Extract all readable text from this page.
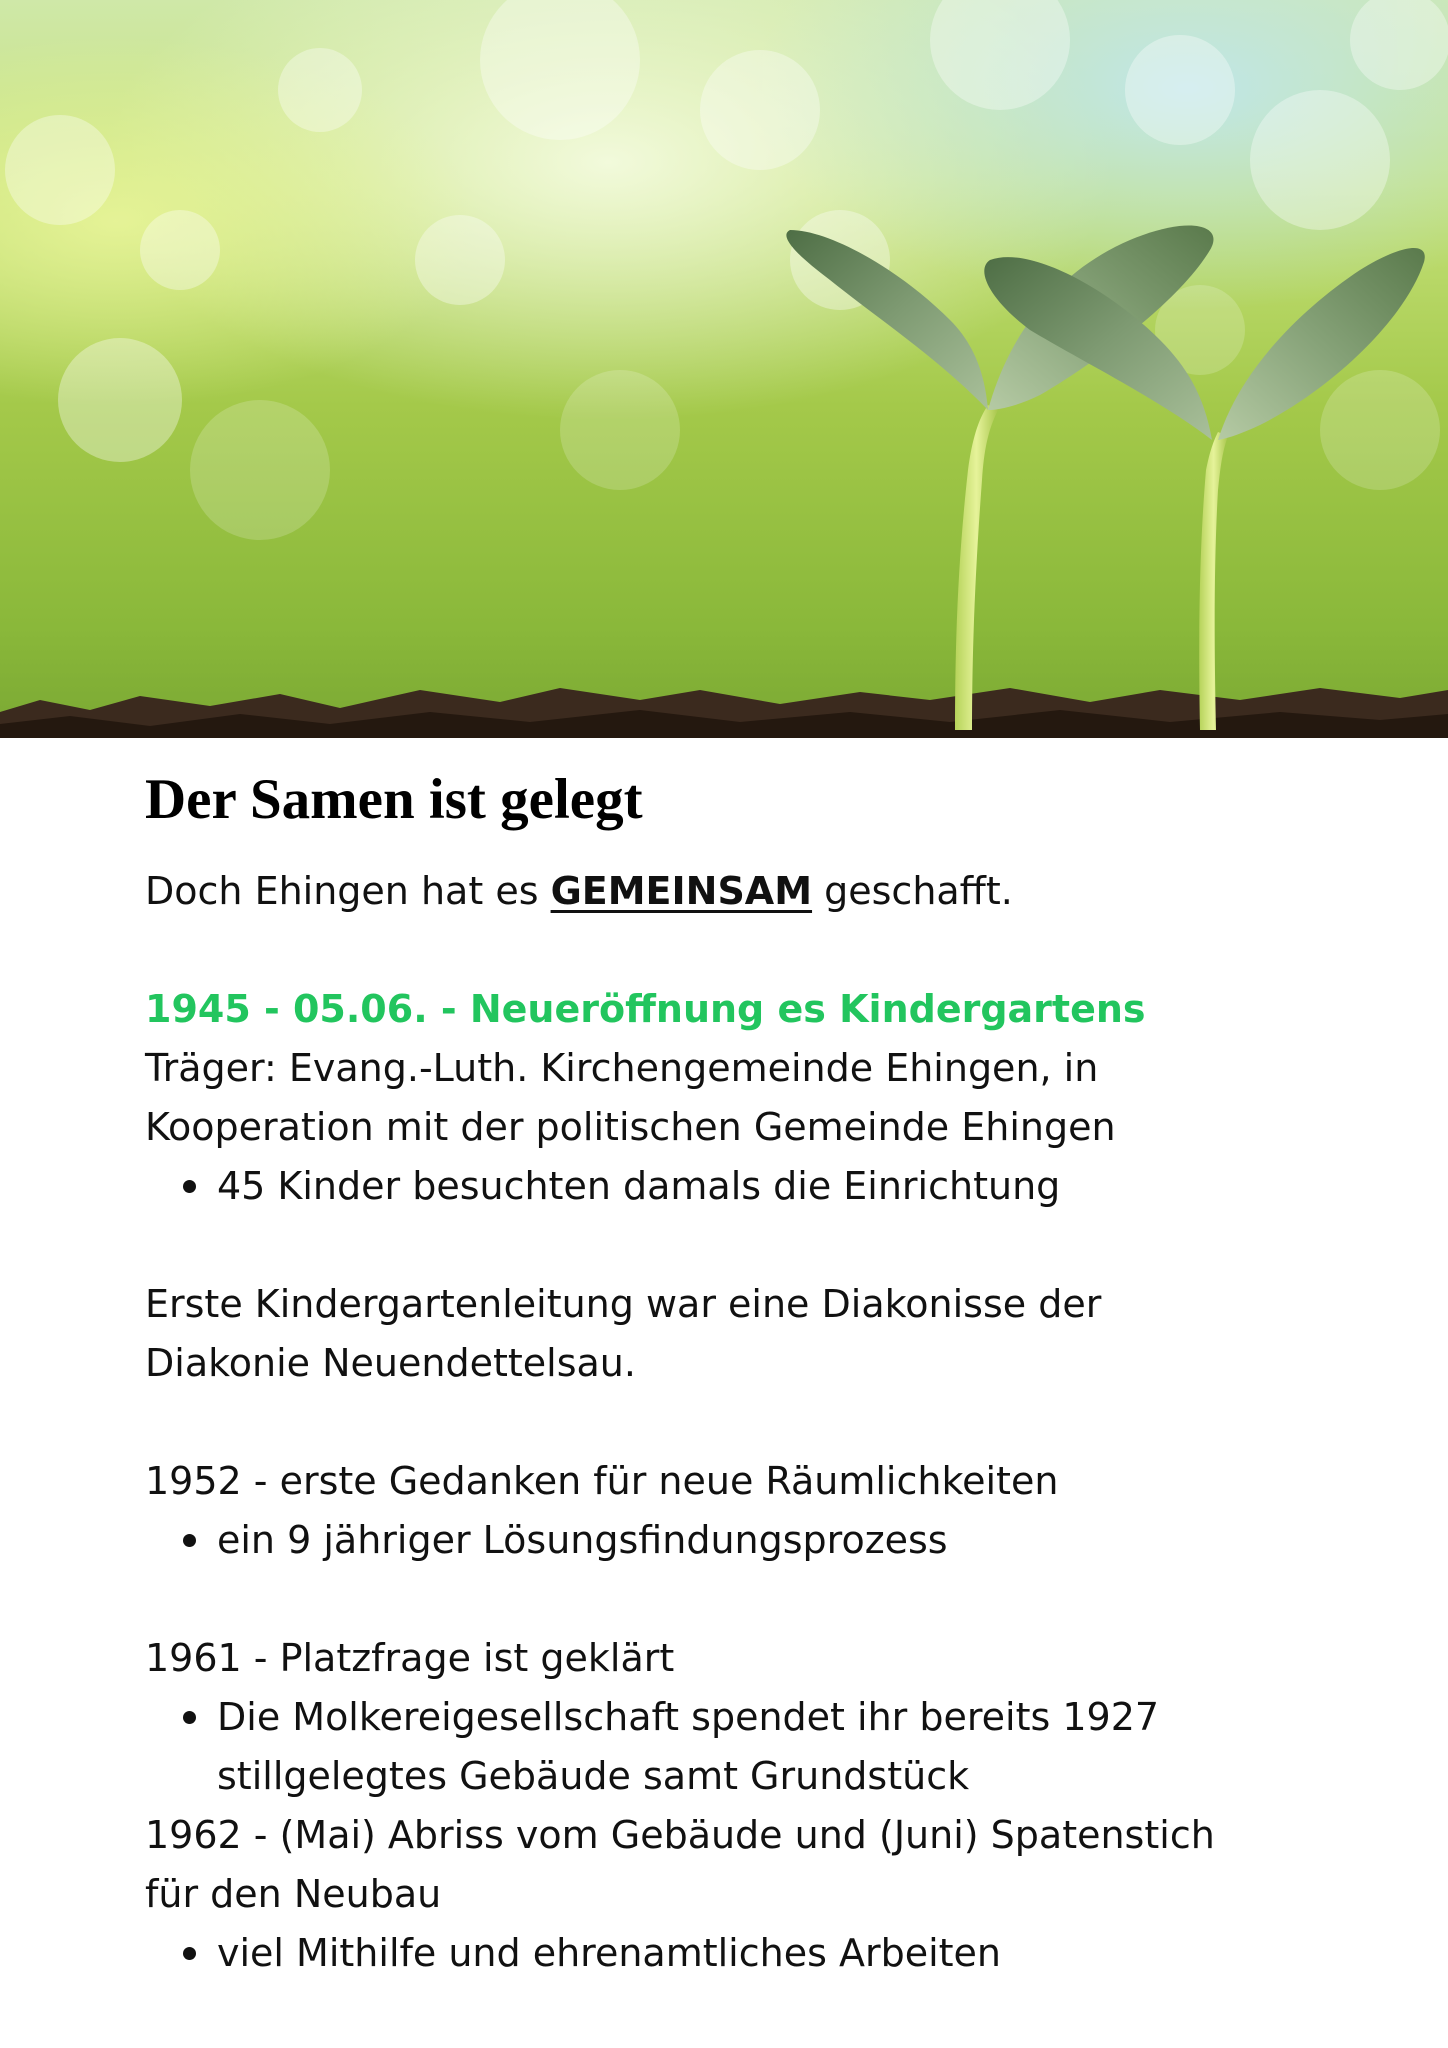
Der Samen ist gelegt

Doch Ehingen hat es GEMEINSAM geschafft.

1945 - 05.06. - Neueröffnung es Kindergartens

Träger: Evang.-Luth. Kirchengemeinde Ehingen, in

Kooperation mit der politischen Gemeinde Ehingen

45 Kinder besuchten damals die Einrichtung

Erste Kindergartenleitung war eine Diakonisse der

Diakonie Neuendettelsau.

1952 - erste Gedanken für neue Räumlichkeiten

ein 9 jähriger Lösungsfindungsprozess

1961 - Platzfrage ist geklärt

Die Molkereigesellschaft spendet ihr bereits 1927
stillgelegtes Gebäude samt Grundstück

1962 - (Mai) Abriss vom Gebäude und (Juni) Spatenstich

für den Neubau

viel Mithilfe und ehrenamtliches Arbeiten
